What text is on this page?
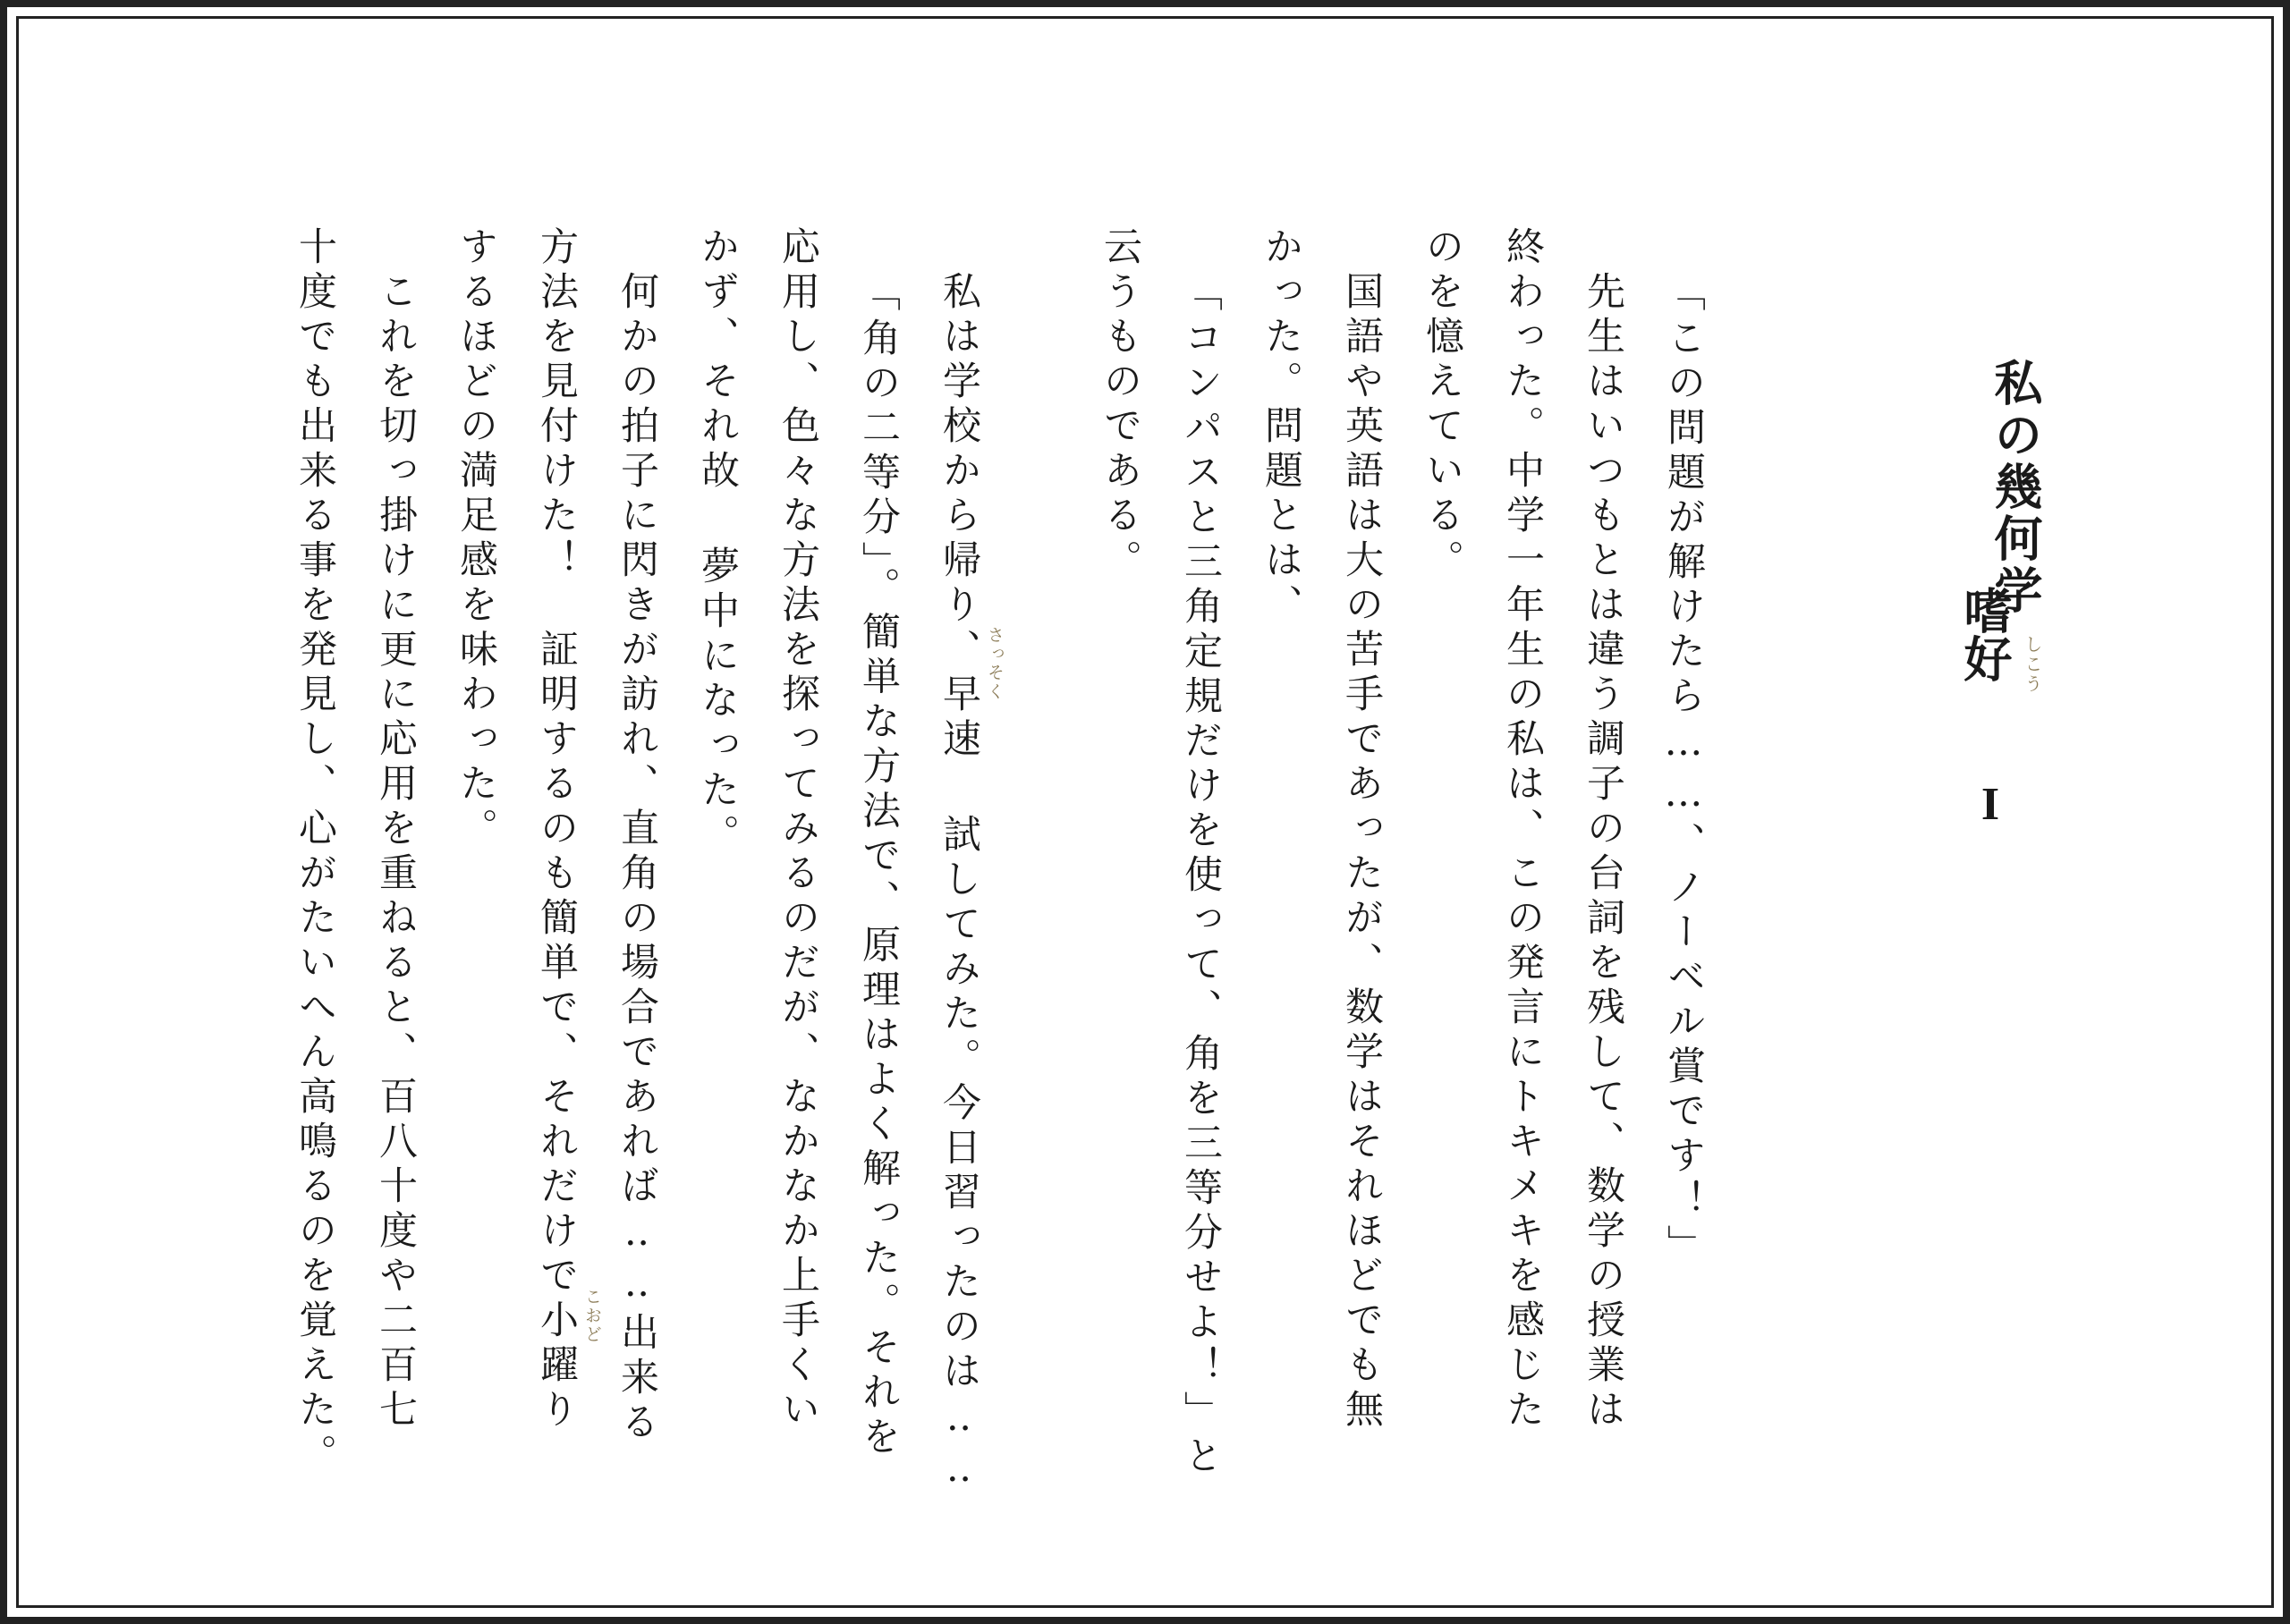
私の幾何学
嗜好 しこう
I
「この問題が解けたら……、ノーベル賞です！」
　先生はいつもとは違う調子の台詞を残して、数学の授業は
終わった。中学一年生の私は、この発言にトキメキを感じた
のを憶えている。
　国語や英語は大の苦手であったが、数学はそれほどでも無
かった。問題とは、
「コンパスと三角定規だけを使って、角を三等分せよ！」と
云うものである。
　私は学校から帰り、早速 試してみた。今日習ったのは‥‥
「角の二等分」。簡単な方法で、原理はよく解った。それを
応用し、色々な方法を探ってみるのだが、なかなか上手くい
かず、それ故 夢中になった。
　何かの拍子に閃きが訪れ、直角の場合であれば‥‥出来る
方法を見付けた！　証明するのも簡単で、それだけで小躍り
するほどの満足感を味わった。
　これを切っ掛けに更に応用を重ねると、百八十度や二百七
十度でも出来る事を発見し、心がたいへん高鳴るのを覚えた。	さっそく
こおど
